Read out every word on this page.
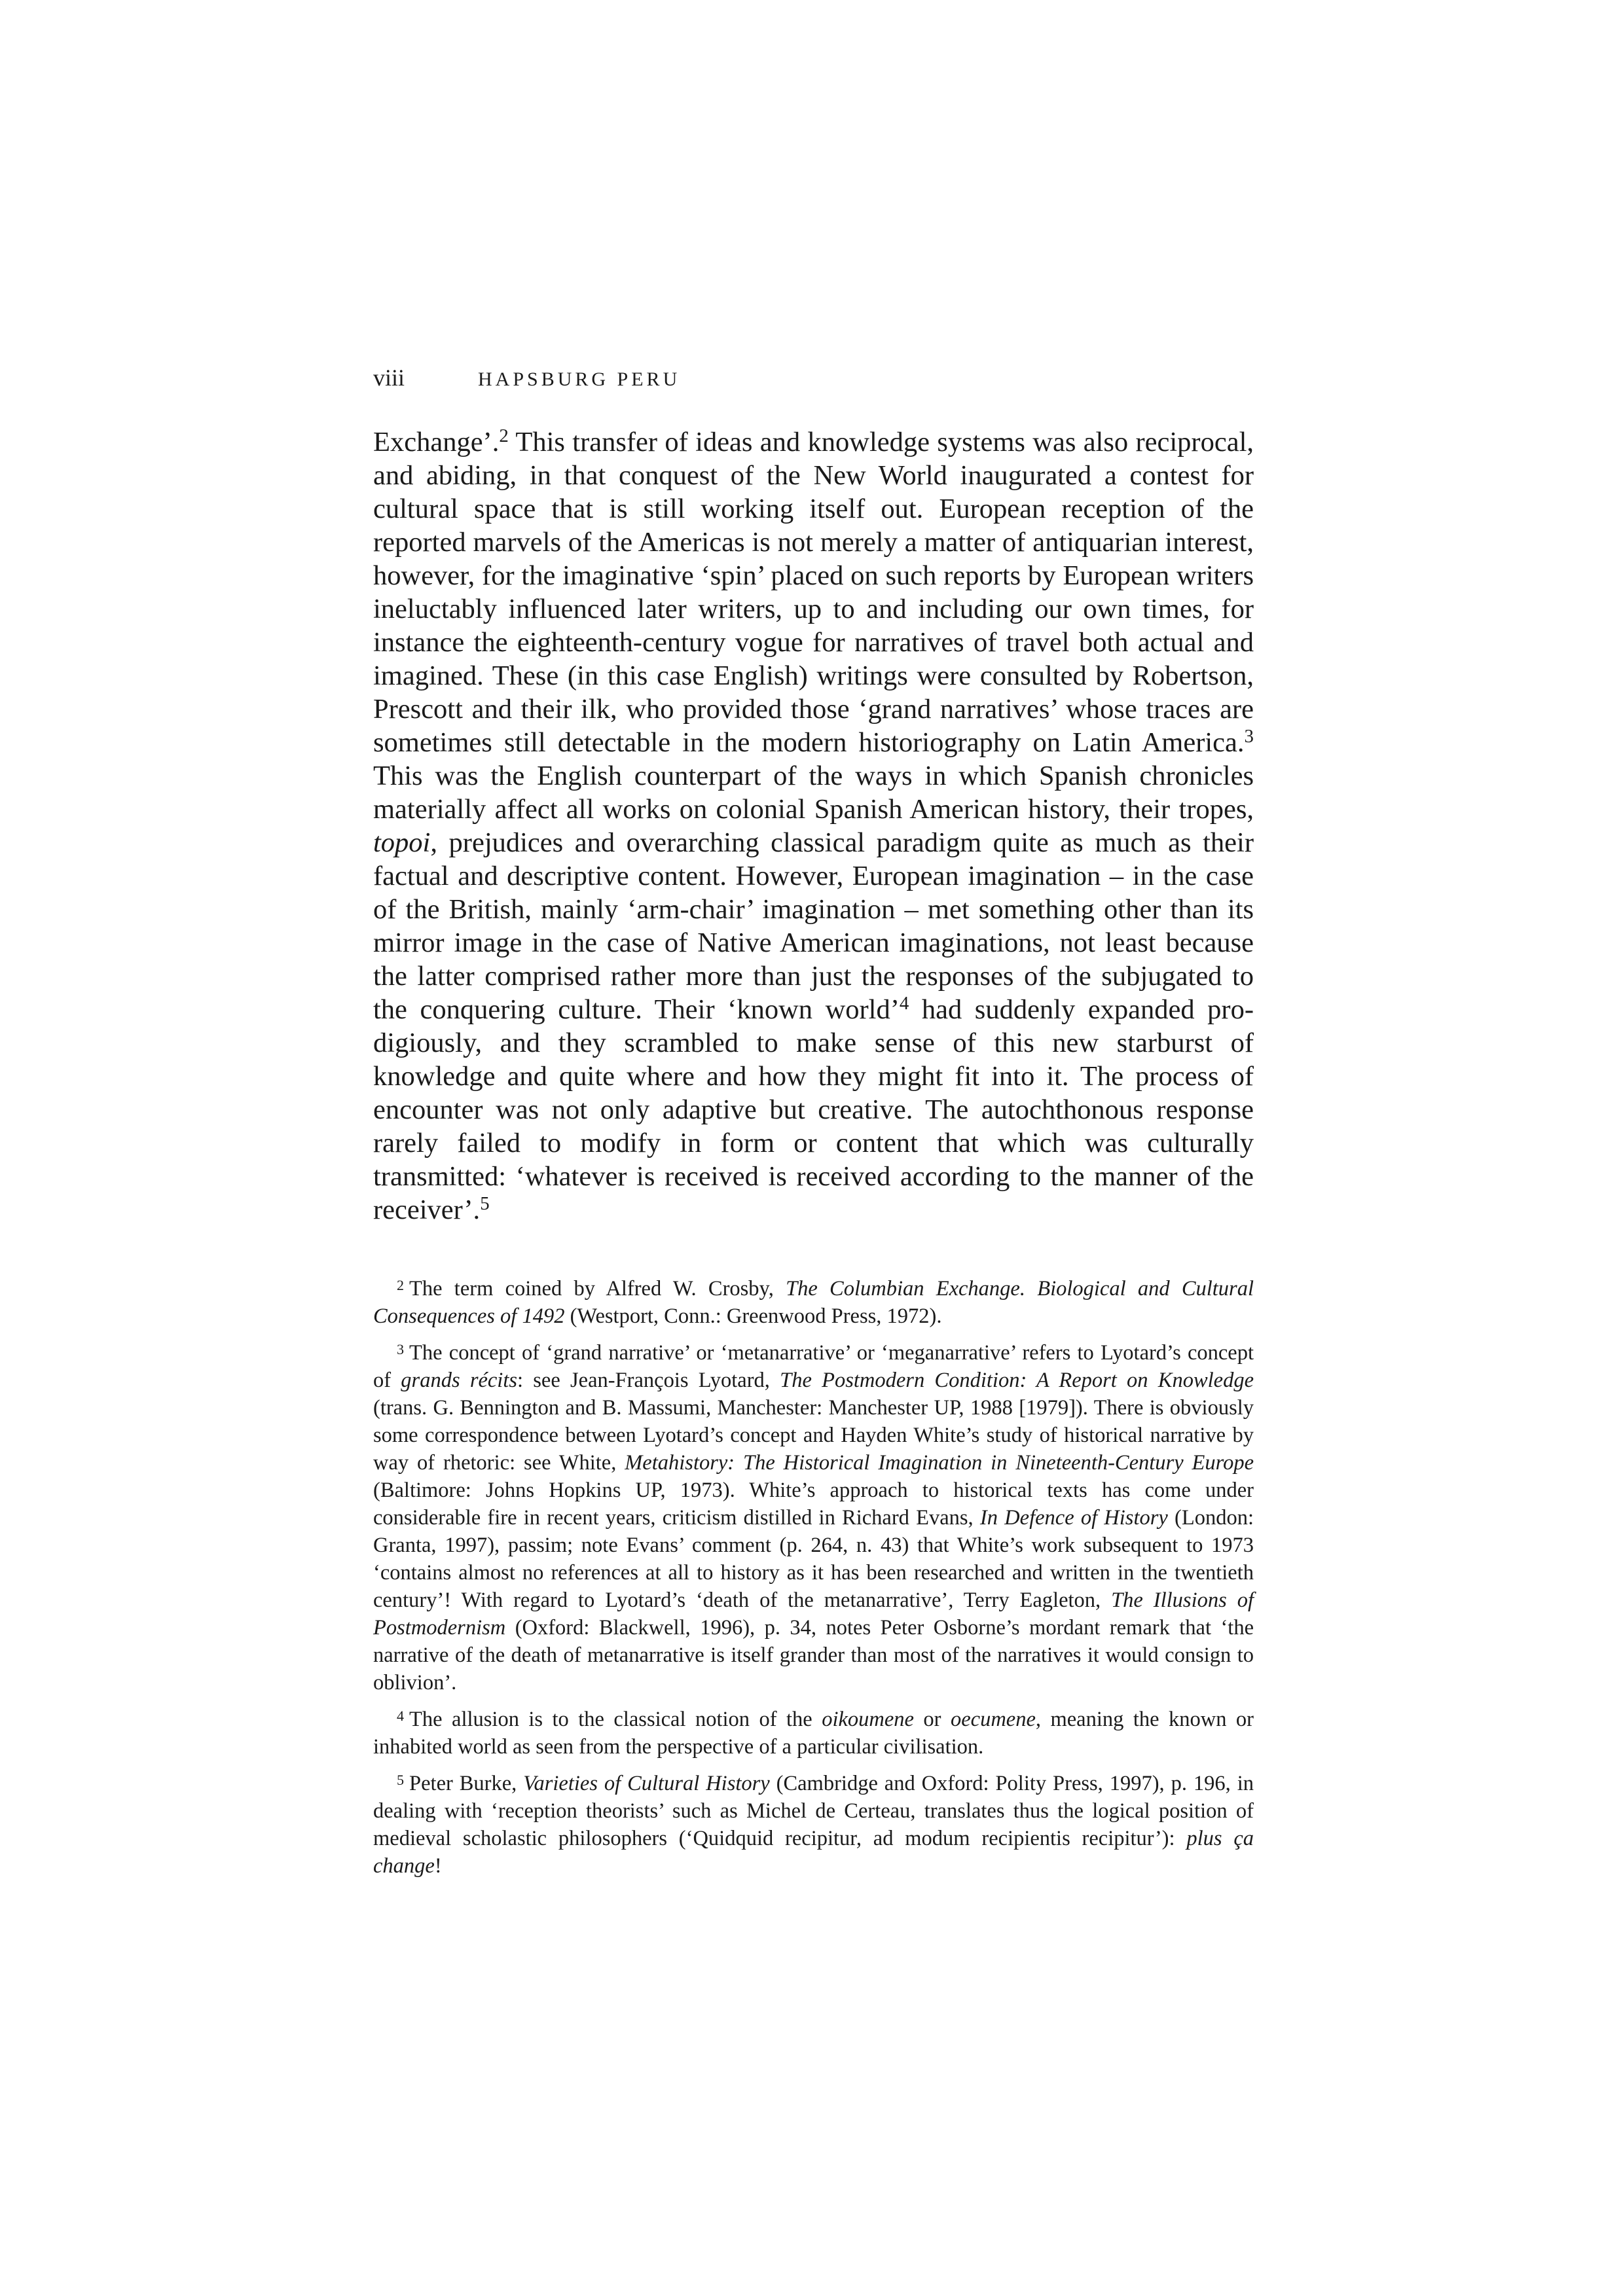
viii	HAPSBURG PERU

Exchange’.$^2$ This transfer of ideas and knowledge systems was also reciprocal, and abiding, in that conquest of the New World inaugurated a contest for cultural space that is still working itself out. European reception of the reported marvels of the Americas is not merely a matter of antiquarian interest, however, for the imaginative ‘spin’ placed on such reports by European writers ineluctably influenced later writers, up to and including our own times, for instance the eighteenth-century vogue for narratives of travel both actual and imagined. These (in this case English) writings were consulted by Robertson, Prescott and their ilk, who provided those ‘grand narratives’ whose traces are sometimes still detectable in the modern historiography on Latin America.$^3$ This was the English counterpart of the ways in which Spanish chronicles materially affect all works on colonial Spanish American history, their tropes, topoi, prejudices and overarching classical paradigm quite as much as their factual and descriptive content. However, European imagination – in the case of the British, mainly ‘arm-chair’ imagination – met something other than its mirror image in the case of Native American imaginations, not least because the latter comprised rather more than just the responses of the subjugated to the conquering culture. Their ‘known world’$^4$ had suddenly expanded prodigiously, and they scrambled to make sense of this new starburst of knowledge and quite where and how they might fit into it. The process of encounter was not only adaptive but creative. The autochthonous response rarely failed to modify in form or content that which was culturally transmitted: ‘whatever is received is received according to the manner of the receiver’.$^5$

$^2$ The term coined by Alfred W. Crosby, The Columbian Exchange. Biological and Cultural Consequences of 1492 (Westport, Conn.: Greenwood Press, 1972).

$^3$ The concept of ‘grand narrative’ or ‘metanarrative’ or ‘meganarrative’ refers to Lyotard’s concept of grands récits: see Jean-François Lyotard, The Postmodern Condition: A Report on Knowledge (trans. G. Bennington and B. Massumi, Manchester: Manchester UP, 1988 [1979]). There is obviously some correspondence between Lyotard’s concept and Hayden White’s study of historical narrative by way of rhetoric: see White, Metahistory: The Historical Imagination in Nineteenth-Century Europe (Baltimore: Johns Hopkins UP, 1973). White’s approach to historical texts has come under considerable fire in recent years, criticism distilled in Richard Evans, In Defence of History (London: Granta, 1997), passim; note Evans’ comment (p. 264, n. 43) that White’s work subsequent to 1973 ‘contains almost no references at all to history as it has been researched and written in the twentieth century’! With regard to Lyotard’s ‘death of the metanarrative’, Terry Eagleton, The Illusions of Postmodernism (Oxford: Blackwell, 1996), p. 34, notes Peter Osborne’s mordant remark that ‘the narrative of the death of metanarrative is itself grander than most of the narratives it would consign to oblivion’.

$^4$ The allusion is to the classical notion of the oikoumene or oecumene, meaning the known or inhabited world as seen from the perspective of a particular civilisation.

$^5$ Peter Burke, Varieties of Cultural History (Cambridge and Oxford: Polity Press, 1997), p. 196, in dealing with ‘reception theorists’ such as Michel de Certeau, translates thus the logical position of medieval scholastic philosophers (‘Quidquid recipitur, ad modum recipientis recipitur’): plus ça change!
